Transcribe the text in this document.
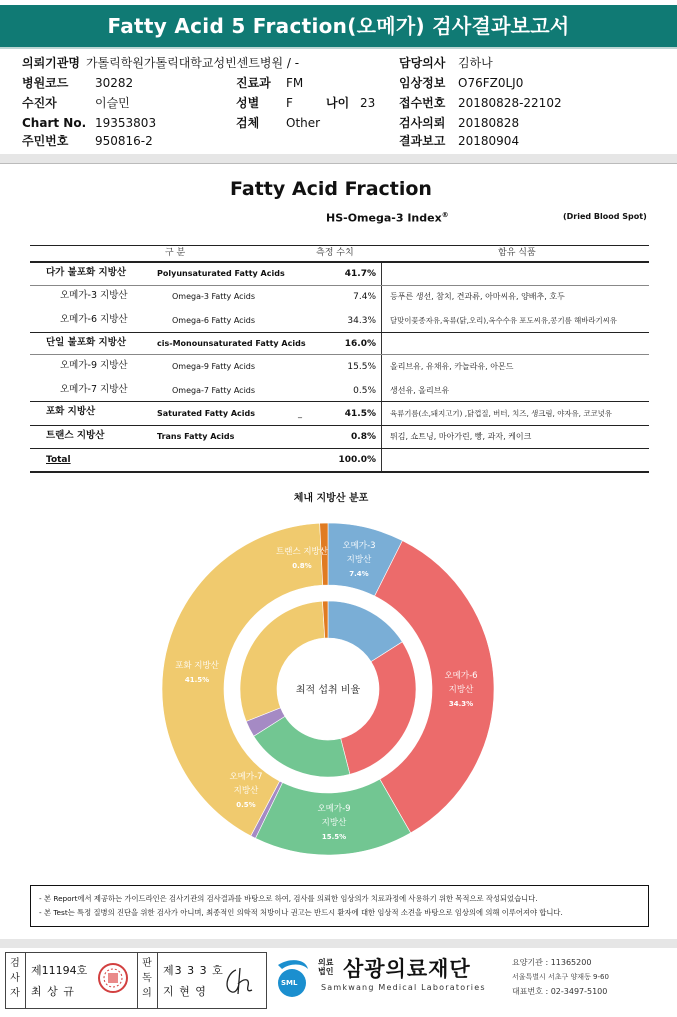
Fatty Acid 5 Fraction(오메가) 검사결과보고서
의뢰기관명 가톨릭학원가톨릭대학교성빈센트병원 / -
병원코드 30282	진료과 FM
수진자	이슬민	성별 F	나이 23
Chart No. 19353803	검체 Other
주민번호 950816-2
담당의사 김하나
임상정보 O76FZ0LJ0
접수번호 20180828-22102
검사의뢰 20180828
결과보고 20180904
Fatty Acid Fraction
HS-Omega-3 Index®	(Dried Blood Spot)
구 분	측정 수치	함유 식품
다가 불포화 지방산	Polyunsaturated Fatty Acids	41.7%
오메가-3 지방산	Omega-3 Fatty Acids	7.4% 등푸른 생선, 참치, 견과류, 아마씨유, 양배추, 호두
오메가-6 지방산	Omega-6 Fatty Acids	34.3% 달맞이꽃종자유,육류(닭,오리),옥수수유 포도씨유,콩기름 해바라기씨유
단일 불포화 지방산	cis-Monounsaturated Fatty Acids	16.0%
오메가-9 지방산	Omega-9 Fatty Acids	15.5% 올리브유, 유채유, 카놀라유, 아몬드
오메가-7 지방산	Omega-7 Fatty Acids	0.5% 생선유, 올리브유
포화 지방산	Saturated Fatty Acids	_	41.5% 육류기름(소,돼지고기) ,닭껍질, 버터, 치즈, 생크림, 야자유, 코코넛유
트랜스 지방산	Trans Fatty Acids	0.8% 튀김, 쇼트닝, 마아가린, 빵, 과자, 케이크
Total	100.0%
체내 지방산 분포
최적 섭취 비율
오메가-3
지방산
7.4%
오메가-6
지방산
34.3%
오메가-9
지방산
15.5%
오메가-7
지방산
0.5%
포화 지방산
41.5%
트랜스 지방산
0.8%
- 본 Report에서 제공하는 가이드라인은 검사기관의 검사결과를 바탕으로 하여, 검사를 의뢰한 임상의가 치료과정에 사용하기 위한 목적으로 작성되었습니다.
- 본 Test는 특정 질병의 진단을 위한 검사가 아니며, 최종적인 의학적 처방이나 권고는 반드시 환자에 대한 임상적 소견을 바탕으로 임상의에 의해 이루어져야 합니다.
검
사
자
제11194호
최 상 규
판
독
의
제3 3 3 호
지 현 영
SML
의료
법인 삼광의료재단
Samkwang Medical Laboratories
요양기관 : 11365200
서울특별시 서초구 양재동 9-60
대표번호 : 02-3497-5100
